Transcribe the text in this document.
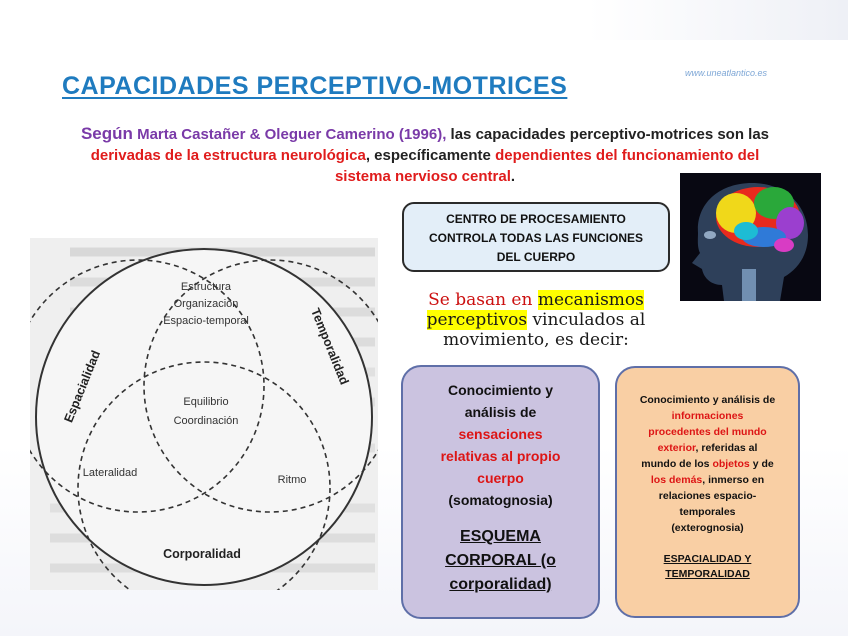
www.uneatlantico.es
CAPACIDADES PERCEPTIVO-MOTRICES
Según Marta Castañer & Oleguer Camerino (1996), las capacidades perceptivo-motrices son las derivadas de la estructura neurológica, específicamente dependientes del funcionamiento del sistema nervioso central.
Espacialidad	Temporalidad
Corporalidad
Estructura
Organización
Espacio-temporal
Equilibrio
Coordinación
Lateralidad
Ritmo
CENTRO DE PROCESAMIENTO
CONTROLA TODAS LAS FUNCIONES
DEL CUERPO
Se basan en mecanismos
perceptivos vinculados al
movimiento, es decir:
Conocimiento y
análisis de
sensaciones
relativas al propio
cuerpo
(somatognosia)
ESQUEMA
CORPORAL (o
corporalidad)
Conocimiento y análisis de
informaciones
procedentes del mundo
exterior, referidas al
mundo de los objetos y de
los demás, inmerso en
relaciones espacio-
temporales
(exterognosia)
ESPACIALIDAD Y
TEMPORALIDAD
